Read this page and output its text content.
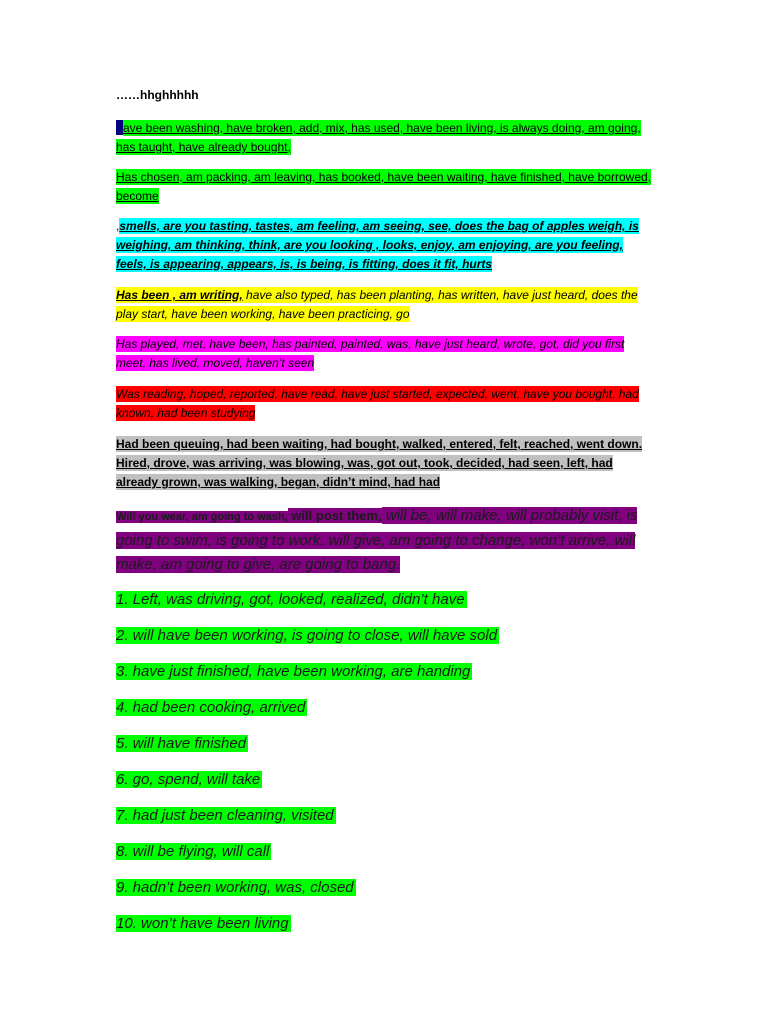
……hhghhhhh
ave been washing, have broken, add, mix, has used, have been living, is always doing, am going, has taught, have already bought,
Has chosen, am packing, am leaving, has booked, have been waiting, have finished, have borrowed, become
,smells, are you tasting, tastes, am feeling, am seeing, see, does the bag of apples weigh, is weighing, am thinking, think, are you looking , looks, enjoy, am enjoying, are you feeling, feels, is appearing, appears, is, is being, is fitting, does it fit, hurts
Has been , am writing, have also typed, has been planting, has written, have just heard, does the play start, have been working, have been practicing, go
Has played, met, have been, has painted, painted, was, have just heard, wrote, got, did you first meet, has lived, moved, haven’t seen
Was reading, hoped, reported, have read, have just started, expected, went, have you bought, had known, had been studying
Had been queuing, had been waiting, had bought, walked, entered, felt, reached, went down. Hired, drove, was arriving, was blowing, was, got out, took, decided, had seen, left, had already grown, was walking, began, didn’t mind, had had
Will you wear, am going to wash, will post them, will be, will make, will probably visit, is going to swim, is going to work, will give, am going to change, won’t arrive, will make, am going to give, are going to bang.
1. Left, was driving, got, looked, realized, didn’t have
2. will have been working, is going to close, will have sold
3. have just finished, have been working, are handing
4. had been cooking, arrived
5. will have finished
6. go, spend, will take
7. had just been cleaning, visited
8. will be flying, will call
9. hadn’t been working, was, closed
10. won’t have been living
